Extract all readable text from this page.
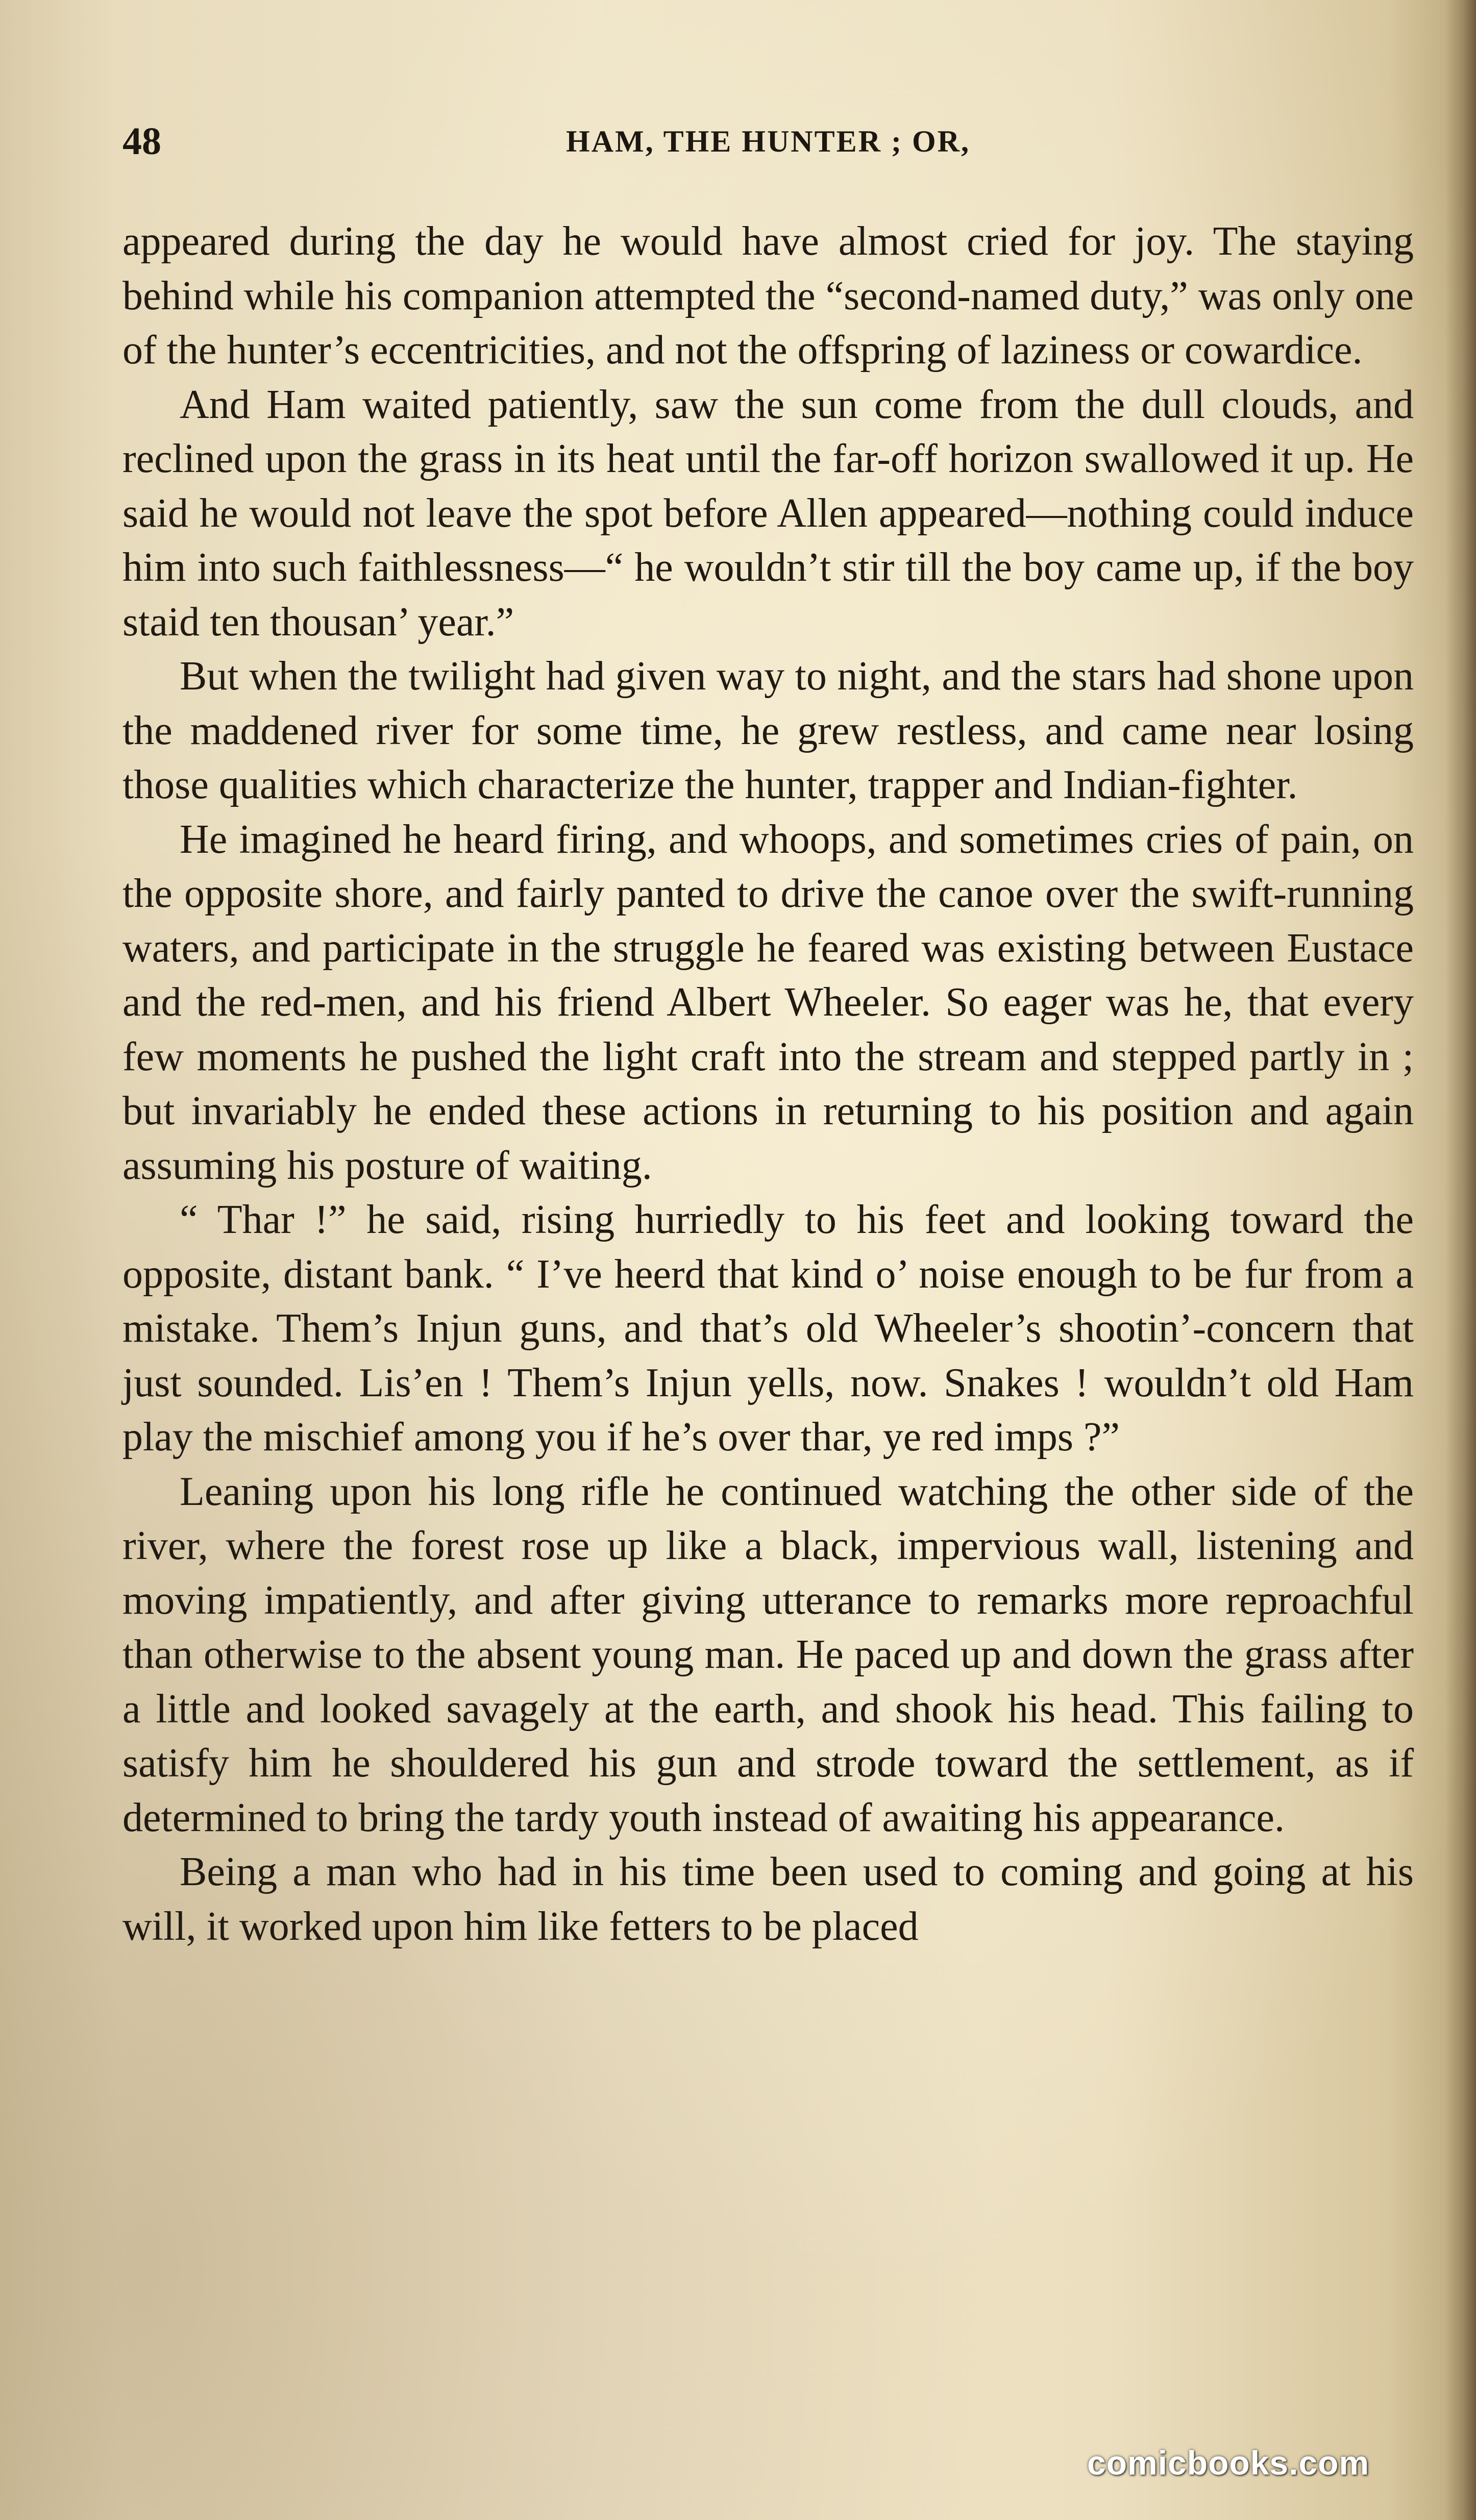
48	HAM, THE HUNTER ; OR,

appeared during the day he would have almost cried for joy. The staying behind while his companion attempted the “second-named duty,” was only one of the hunter’s eccentricities, and not the offspring of laziness or cowardice.

And Ham waited patiently, saw the sun come from the dull clouds, and reclined upon the grass in its heat until the far-off horizon swallowed it up. He said he would not leave the spot before Allen appeared—nothing could induce him into such faithlessness—“ he wouldn’t stir till the boy came up, if the boy staid ten thousan’ year.”

But when the twilight had given way to night, and the stars had shone upon the maddened river for some time, he grew restless, and came near losing those qualities which characterize the hunter, trapper and Indian-fighter.

He imagined he heard firing, and whoops, and sometimes cries of pain, on the opposite shore, and fairly panted to drive the canoe over the swift-running waters, and participate in the struggle he feared was existing between Eustace and the red-men, and his friend Albert Wheeler. So eager was he, that every few moments he pushed the light craft into the stream and stepped partly in ; but invariably he ended these actions in returning to his position and again assuming his posture of waiting.

“ Thar !” he said, rising hurriedly to his feet and looking toward the opposite, distant bank. “ I’ve heerd that kind o’ noise enough to be fur from a mistake. Them’s Injun guns, and that’s old Wheeler’s shootin’-concern that just sounded. Lis’en ! Them’s Injun yells, now. Snakes ! wouldn’t old Ham play the mischief among you if he’s over thar, ye red imps ?”

Leaning upon his long rifle he continued watching the other side of the river, where the forest rose up like a black, impervious wall, listening and moving impatiently, and after giving utterance to remarks more reproachful than otherwise to the absent young man. He paced up and down the grass after a little and looked savagely at the earth, and shook his head. This failing to satisfy him he shouldered his gun and strode toward the settlement, as if determined to bring the tardy youth instead of awaiting his appearance.

Being a man who had in his time been used to coming and going at his will, it worked upon him like fetters to be placed

comicbooks.com
